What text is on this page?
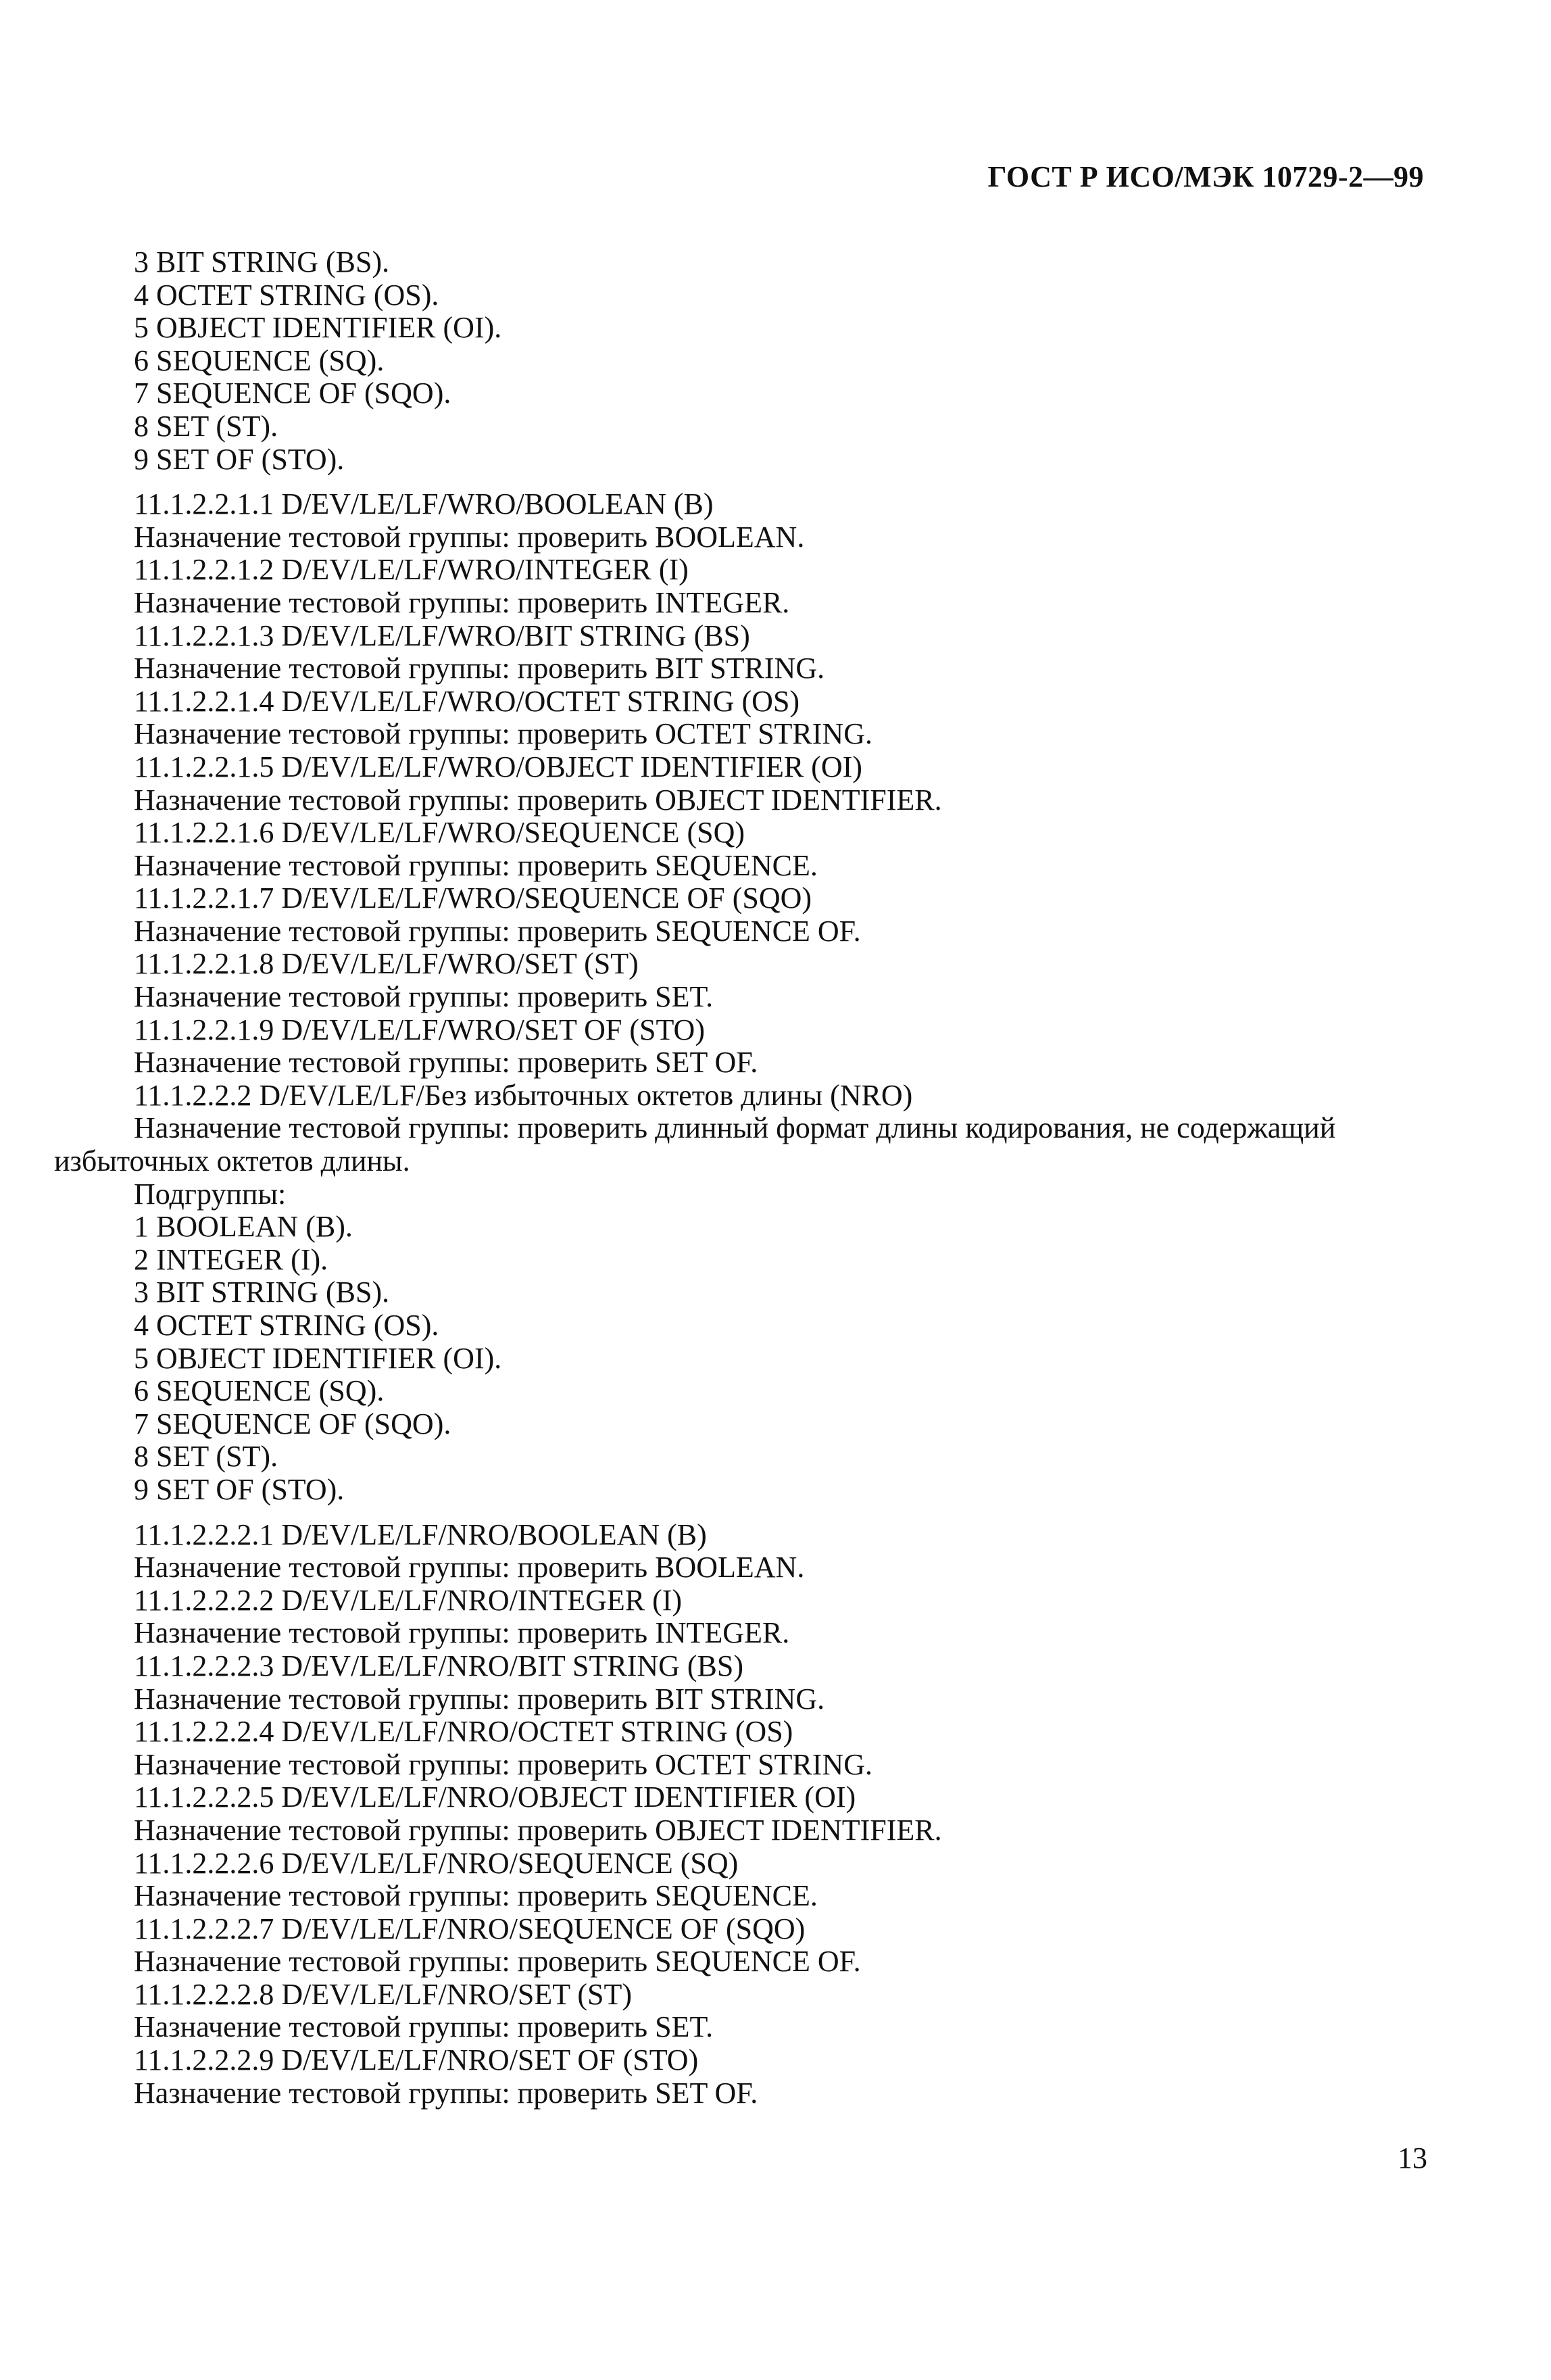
ГОСТ Р ИСО/МЭК 10729-2—99
3 BIT STRING (BS).
4 OCTET STRING (OS).
5 OBJECT IDENTIFIER (OI).
6 SEQUENCE (SQ).
7 SEQUENCE OF (SQO).
8 SET (ST).
9 SET OF (STO).
11.1.2.2.1.1 D/EV/LE/LF/WRO/BOOLEAN (B)
Назначение тестовой группы: проверить BOOLEAN.
11.1.2.2.1.2 D/EV/LE/LF/WRO/INTEGER (I)
Назначение тестовой группы: проверить INTEGER.
11.1.2.2.1.3 D/EV/LE/LF/WRO/BIT STRING (BS)
Назначение тестовой группы: проверить BIT STRING.
11.1.2.2.1.4 D/EV/LE/LF/WRO/OCTET STRING (OS)
Назначение тестовой группы: проверить OCTET STRING.
11.1.2.2.1.5 D/EV/LE/LF/WRO/OBJECT IDENTIFIER (OI)
Назначение тестовой группы: проверить OBJECT IDENTIFIER.
11.1.2.2.1.6 D/EV/LE/LF/WRO/SEQUENCE (SQ)
Назначение тестовой группы: проверить SEQUENCE.
11.1.2.2.1.7 D/EV/LE/LF/WRO/SEQUENCE OF (SQO)
Назначение тестовой группы: проверить SEQUENCE OF.
11.1.2.2.1.8 D/EV/LE/LF/WRO/SET (ST)
Назначение тестовой группы: проверить SET.
11.1.2.2.1.9 D/EV/LE/LF/WRO/SET OF (STO)
Назначение тестовой группы: проверить SET OF.
11.1.2.2.2 D/EV/LE/LF/Без избыточных октетов длины (NRO)
Назначение тестовой группы: проверить длинный формат длины кодирования, не содержащий
избыточных октетов длины.
Подгруппы:
1 BOOLEAN (B).
2 INTEGER (I).
3 BIT STRING (BS).
4 OCTET STRING (OS).
5 OBJECT IDENTIFIER (OI).
6 SEQUENCE (SQ).
7 SEQUENCE OF (SQO).
8 SET (ST).
9 SET OF (STO).
11.1.2.2.2.1 D/EV/LE/LF/NRO/BOOLEAN (B)
Назначение тестовой группы: проверить BOOLEAN.
11.1.2.2.2.2 D/EV/LE/LF/NRO/INTEGER (I)
Назначение тестовой группы: проверить INTEGER.
11.1.2.2.2.3 D/EV/LE/LF/NRO/BIT STRING (BS)
Назначение тестовой группы: проверить BIT STRING.
11.1.2.2.2.4 D/EV/LE/LF/NRO/OCTET STRING (OS)
Назначение тестовой группы: проверить OCTET STRING.
11.1.2.2.2.5 D/EV/LE/LF/NRO/OBJECT IDENTIFIER (OI)
Назначение тестовой группы: проверить OBJECT IDENTIFIER.
11.1.2.2.2.6 D/EV/LE/LF/NRO/SEQUENCE (SQ)
Назначение тестовой группы: проверить SEQUENCE.
11.1.2.2.2.7 D/EV/LE/LF/NRO/SEQUENCE OF (SQO)
Назначение тестовой группы: проверить SEQUENCE OF.
11.1.2.2.2.8 D/EV/LE/LF/NRO/SET (ST)
Назначение тестовой группы: проверить SET.
11.1.2.2.2.9 D/EV/LE/LF/NRO/SET OF (STO)
Назначение тестовой группы: проверить SET OF.
13
